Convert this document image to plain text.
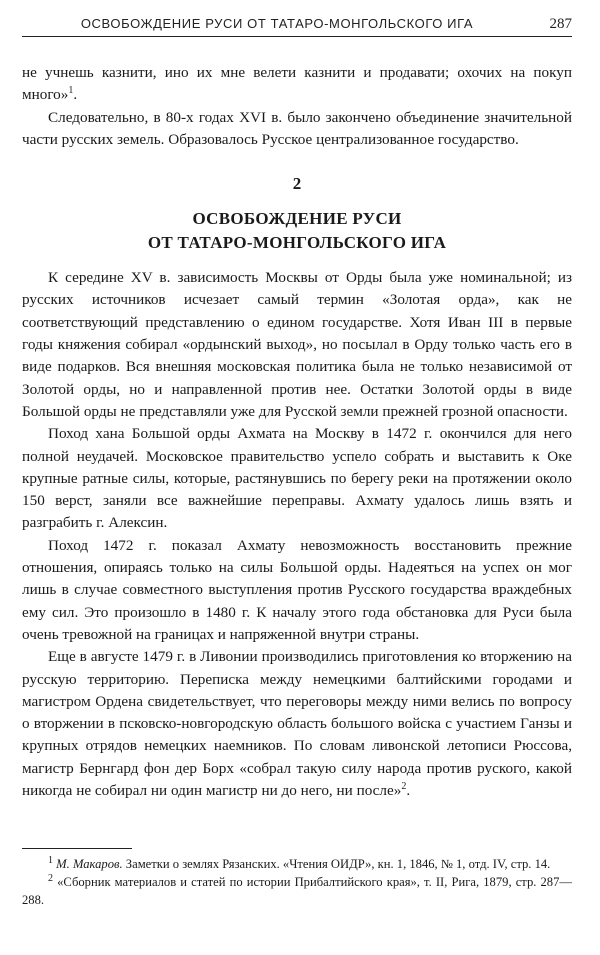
ОСВОБОЖДЕНИЕ РУСИ ОТ ТАТАРО-МОНГОЛЬСКОГО ИГА	287

не учнешь казнити, ино их мне велети казнити и продавати; охочих на покуп много»$^1$.

Следовательно, в 80-х годах XVI в. было закончено объединение значительной части русских земель. Образовалось Русское централизованное государство.

2
ОСВОБОЖДЕНИЕ РУСИ
ОТ ТАТАРО-МОНГОЛЬСКОГО ИГА

К середине XV в. зависимость Москвы от Орды была уже номинальной; из русских источников исчезает самый термин «Золотая орда», как не соответствующий представлению о едином государстве. Хотя Иван III в первые годы княжения собирал «ордынский выход», но посылал в Орду только часть его в виде подарков. Вся внешняя московская политика была не только независимой от Золотой орды, но и направленной против нее. Остатки Золотой орды в виде Большой орды не представляли уже для Русской земли прежней грозной опасности.

Поход хана Большой орды Ахмата на Москву в 1472 г. окончился для него полной неудачей. Московское правительство успело собрать и выставить к Оке крупные ратные силы, которые, растянувшись по берегу реки на протяжении около 150 верст, заняли все важнейшие переправы. Ахмату удалось лишь взять и разграбить г. Алексин.

Поход 1472 г. показал Ахмату невозможность восстановить прежние отношения, опираясь только на силы Большой орды. Надеяться на успех он мог лишь в случае совместного выступления против Русского государства враждебных ему сил. Это произошло в 1480 г. К началу этого года обстановка для Руси была очень тревожной на границах и напряженной внутри страны.

Еще в августе 1479 г. в Ливонии производились приготовления ко вторжению на русскую территорию. Переписка между немецкими балтийскими городами и магистром Ордена свидетельствует, что переговоры между ними велись по вопросу о вторжении в псковско-новгородскую область большого войска с участием Ганзы и крупных отрядов немецких наемников. По словам ливонской летописи Рюссова, магистр Бернгард фон дер Борх «собрал такую силу народа против руского, какой никогда не собирал ни один магистр ни до него, ни после»$^2$.

$^1$ М. Макаров. Заметки о землях Рязанских. «Чтения ОИДР», кн. 1, 1846, № 1, отд. IV, стр. 14.

$^2$ «Сборник материалов и статей по истории Прибалтийского края», т. II, Рига, 1879, стр. 287—288.
